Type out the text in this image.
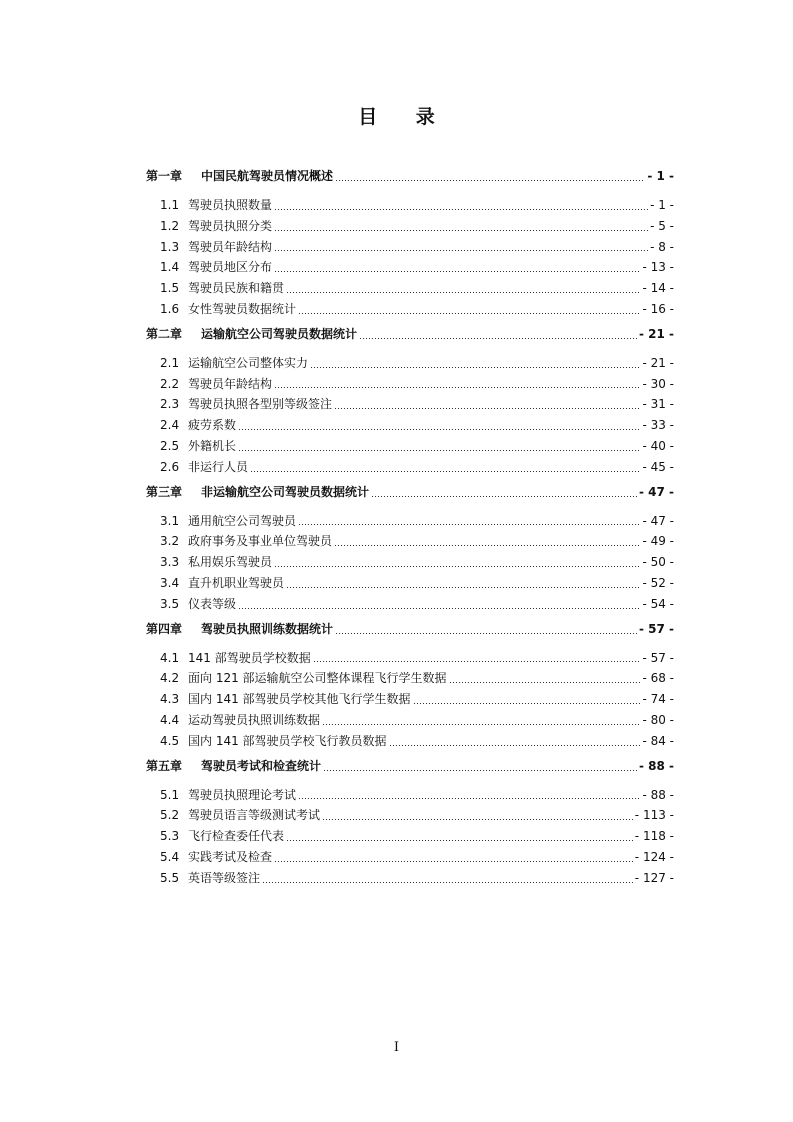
目 录
第一章	中国民航驾驶员情况概述	- 1 -
1.1 驾驶员执照数量	- 1 -
1.2 驾驶员执照分类	- 5 -
1.3 驾驶员年龄结构	- 8 -
1.4 驾驶员地区分布	- 13 -
1.5 驾驶员民族和籍贯	- 14 -
1.6 女性驾驶员数据统计	- 16 -
第二章	运输航空公司驾驶员数据统计	- 21 -
2.1 运输航空公司整体实力	- 21 -
2.2 驾驶员年龄结构	- 30 -
2.3 驾驶员执照各型别等级签注	- 31 -
2.4 疲劳系数	- 33 -
2.5 外籍机长	- 40 -
2.6 非运行人员	- 45 -
第三章	非运输航空公司驾驶员数据统计	- 47 -
3.1 通用航空公司驾驶员	- 47 -
3.2 政府事务及事业单位驾驶员	- 49 -
3.3 私用娱乐驾驶员	- 50 -
3.4 直升机职业驾驶员	- 52 -
3.5 仪表等级	- 54 -
第四章	驾驶员执照训练数据统计	- 57 -
4.1 141 部驾驶员学校数据	- 57 -
4.2 面向 121 部运输航空公司整体课程飞行学生数据	- 68 -
4.3 国内 141 部驾驶员学校其他飞行学生数据	- 74 -
4.4 运动驾驶员执照训练数据	- 80 -
4.5 国内 141 部驾驶员学校飞行教员数据	- 84 -
第五章	驾驶员考试和检查统计	- 88 -
5.1 驾驶员执照理论考试	- 88 -
5.2 驾驶员语言等级测试考试	- 113 -
5.3 飞行检查委任代表	- 118 -
5.4 实践考试及检查	- 124 -
5.5 英语等级签注	- 127 -
I
